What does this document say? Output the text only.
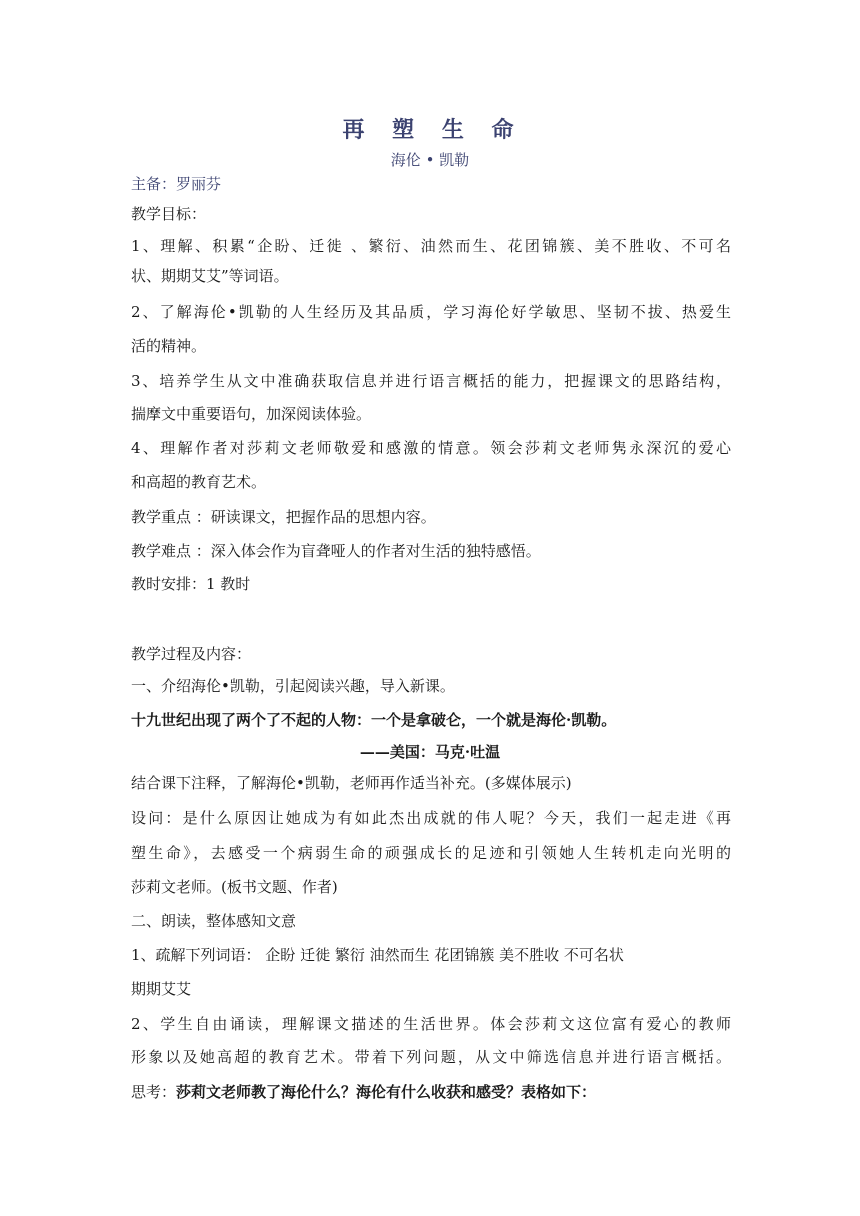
再 塑 生 命
海伦 • 凯勒
主备：罗丽芬
教学目标：
1、理解、积累“企盼、迁徙 、繁衍、油然而生、花团锦簇、美不胜收、不可名
状、期期艾艾”等词语。
2、了解海伦•凯勒的人生经历及其品质，学习海伦好学敏思、坚韧不拔、热爱生
活的精神。
3、培养学生从文中准确获取信息并进行语言概括的能力，把握课文的思路结构，
揣摩文中重要语句，加深阅读体验。
4、理解作者对莎莉文老师敬爱和感激的情意。领会莎莉文老师隽永深沉的爱心
和高超的教育艺术。
教学重点 ：研读课文，把握作品的思想内容。
教学难点 ：深入体会作为盲聋哑人的作者对生活的独特感悟。
教时安排：1 教时
教学过程及内容：
一、介绍海伦•凯勒，引起阅读兴趣，导入新课。
十九世纪出现了两个了不起的人物：一个是拿破仑，一个就是海伦·凯勒。
——美国：马克·吐温
结合课下注释，了解海伦•凯勒，老师再作适当补充。(多媒体展示)
设问：是什么原因让她成为有如此杰出成就的伟人呢？今天，我们一起走进《再
塑生命》，去感受一个病弱生命的顽强成长的足迹和引领她人生转机走向光明的
莎莉文老师。(板书文题、作者)
二、朗读，整体感知文意
1、疏解下列词语： 企盼 迁徙 繁衍 油然而生 花团锦簇 美不胜收 不可名状
期期艾艾
2、学生自由诵读，理解课文描述的生活世界。体会莎莉文这位富有爱心的教师
形象以及她高超的教育艺术。带着下列问题，从文中筛选信息并进行语言概括。
思考：莎莉文老师教了海伦什么？海伦有什么收获和感受？表格如下：
